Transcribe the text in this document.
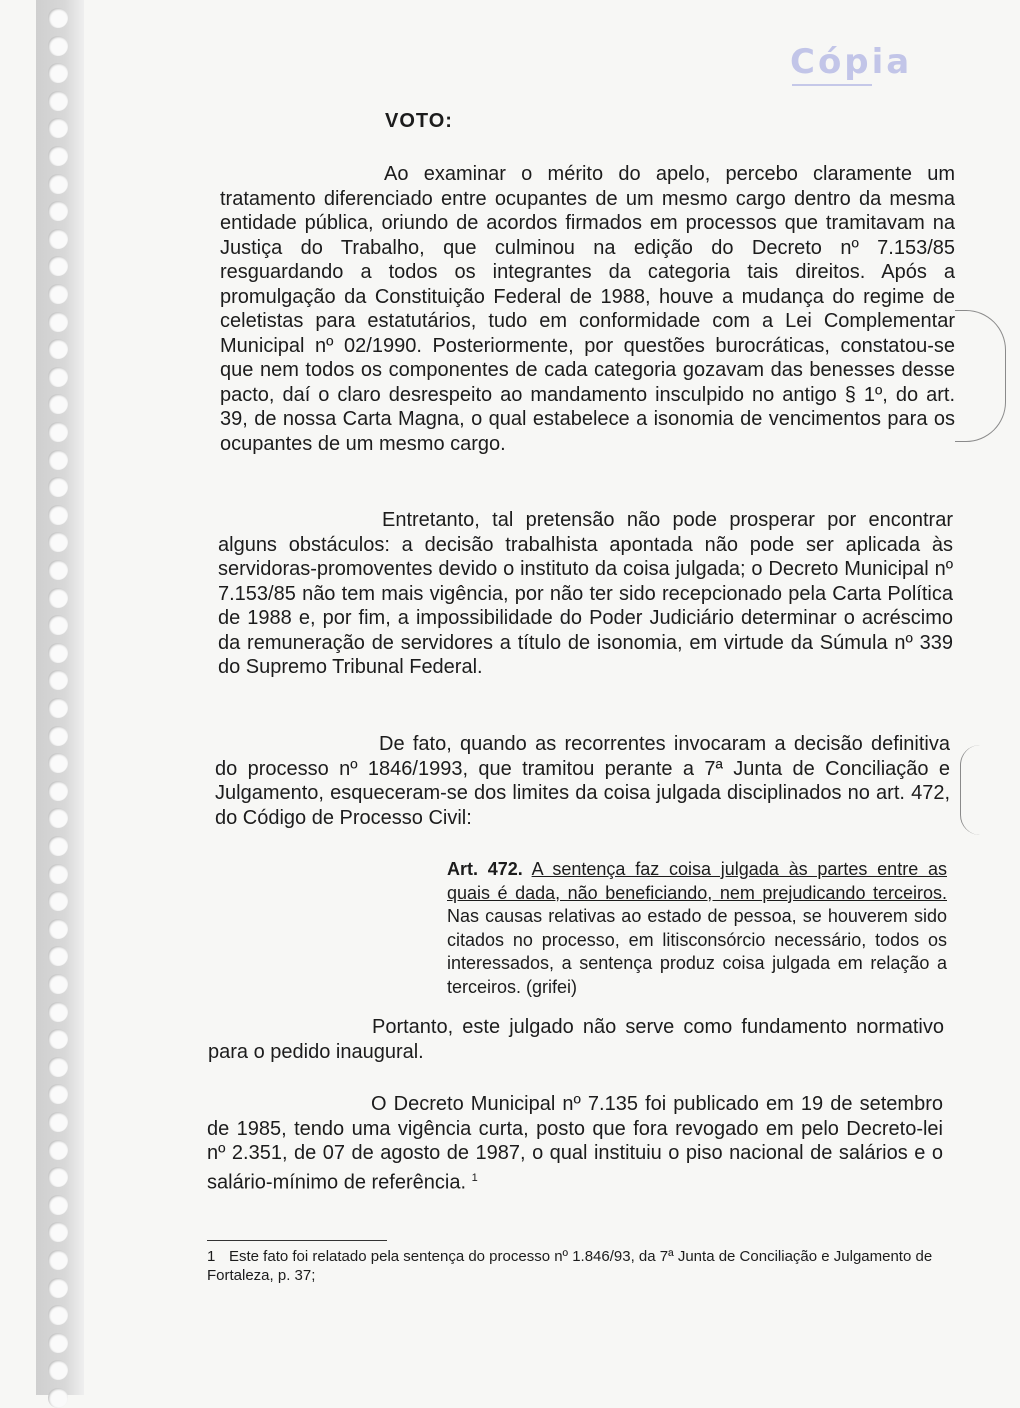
Cópia
VOTO:

Ao examinar o mérito do apelo, percebo claramente um tratamento diferenciado entre ocupantes de um mesmo cargo dentro da mesma entidade pública, oriundo de acordos firmados em processos que tramitavam na Justiça do Trabalho, que culminou na edição do Decreto nº 7.153/85 resguardando a todos os integrantes da categoria tais direitos. Após a promulgação da Constituição Federal de 1988, houve a mudança do regime de celetistas para estatutários, tudo em conformidade com a Lei Complementar Municipal nº 02/1990. Posteriormente, por questões burocráticas, constatou-se que nem todos os componentes de cada categoria gozavam das benesses desse pacto, daí o claro desrespeito ao mandamento insculpido no antigo § 1º, do art. 39, de nossa Carta Magna, o qual estabelece a isonomia de vencimentos para os ocupantes de um mesmo cargo.

Entretanto, tal pretensão não pode prosperar por encontrar alguns obstáculos: a decisão trabalhista apontada não pode ser aplicada às servidoras-promoventes devido o instituto da coisa julgada; o Decreto Municipal nº 7.153/85 não tem mais vigência, por não ter sido recepcionado pela Carta Política de 1988 e, por fim, a impossibilidade do Poder Judiciário determinar o acréscimo da remuneração de servidores a título de isonomia, em virtude da Súmula nº 339 do Supremo Tribunal Federal.

De fato, quando as recorrentes invocaram a decisão definitiva do processo nº 1846/1993, que tramitou perante a 7ª Junta de Conciliação e Julgamento, esqueceram-se dos limites da coisa julgada disciplinados no art. 472, do Código de Processo Civil:

Art. 472. A sentença faz coisa julgada às partes entre as quais é dada, não beneficiando, nem prejudicando terceiros. Nas causas relativas ao estado de pessoa, se houverem sido citados no processo, em litisconsórcio necessário, todos os interessados, a sentença produz coisa julgada em relação a terceiros. (grifei)

Portanto, este julgado não serve como fundamento normativo para o pedido inaugural.

O Decreto Municipal nº 7.135 foi publicado em 19 de setembro de 1985, tendo uma vigência curta, posto que fora revogado em pelo Decreto-lei nº 2.351, de 07 de agosto de 1987, o qual instituiu o piso nacional de salários e o salário-mínimo de referência. $^1$

1 Este fato foi relatado pela sentença do processo nº 1.846/93, da 7ª Junta de Conciliação e Julgamento de Fortaleza, p. 37;
